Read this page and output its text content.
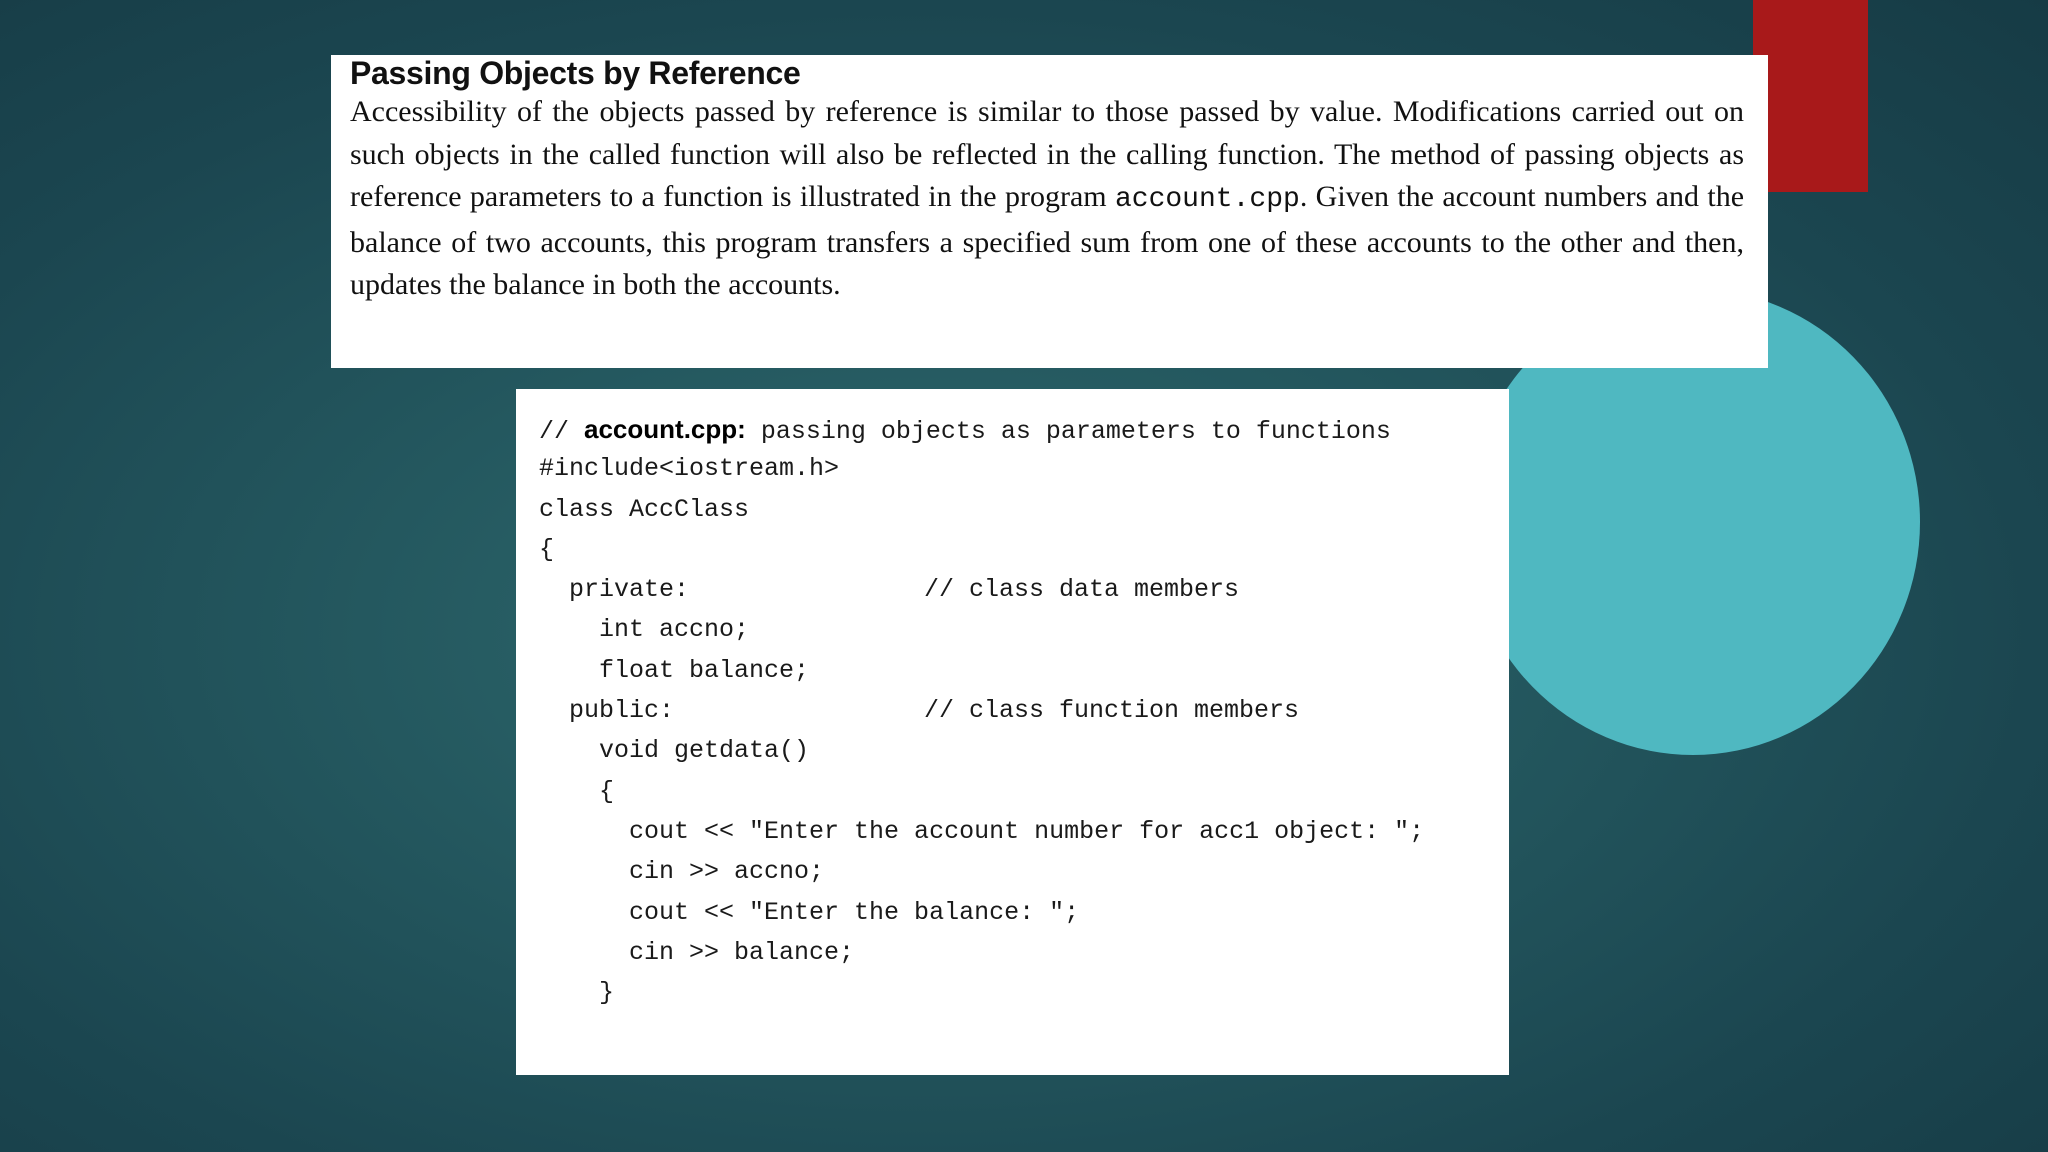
Passing Objects by Reference

Accessibility of the objects passed by reference is similar to those passed by value. Modifications carried out on such objects in the called function will also be reflected in the calling function. The method of passing objects as reference parameters to a function is illustrated in the program account.cpp. Given the account numbers and the balance of two accounts, this program transfers a specified sum from one of these accounts to the other and then, updates the balance in both the accounts.

// account.cpp: passing objects as parameters to functions
#include<iostream.h>
class AccClass
{
private:	// class data members
int accno;
float balance;
public:	// class function members
void getdata()
{
cout << "Enter the account number for acc1 object: ";
cin >> accno;
cout << "Enter the balance: ";
cin >> balance;
}
